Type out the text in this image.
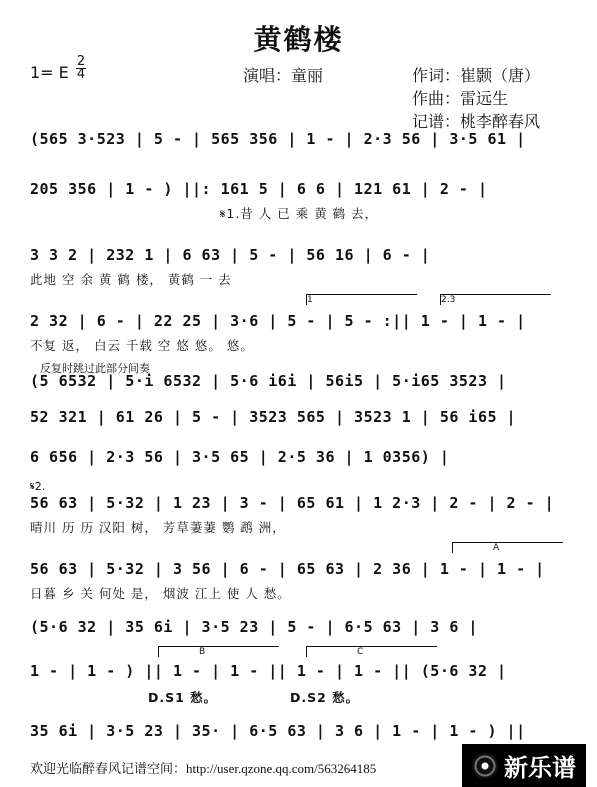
黄鹤楼
1= E
2
4	演唱：童丽	作词：崔颢（唐）
作曲：雷远生
记谱：桃李醉春风
(565 3·523 | 5 - | 565 356 | 1 - | 2·3 56 | 3·5 61 |
205 356 | 1 - ) ||: 161 5 | 6 6 | 121 61 | 2 - |
𝄋1.昔 人 已 乘 黄 鹤 去，
3 3 2 | 232 1 | 6 63 | 5 - | 56 16 | 6 - |
此地 空 余 黄 鹤 楼， 黄鹤 一 去
1	2.3
2 32 | 6 - | 22 25 | 3·6 | 5 - | 5 - :|| 1 - | 1 - |
不复 返， 白云 千载 空 悠 悠。 悠。
反复时跳过此部分间奏
(5 6532 | 5·i 6532 | 5·6 i6i | 56i5 | 5·i65 3523 |
52 321 | 61 26 | 5 - | 3523 565 | 3523 1 | 56 i65 |
6 656 | 2·3 56 | 3·5 65 | 2·5 36 | 1 0356) |
𝄋2.
56 63 | 5·32 | 1 23 | 3 - | 65 61 | 1 2·3 | 2 - | 2 - |
晴川 历 历 汉阳 树， 芳草萋萋 鹦 鹉 洲，
A
56 63 | 5·32 | 3 56 | 6 - | 65 63 | 2 36 | 1 - | 1 - |
日暮 乡 关 何处 是， 烟波 江上 使 人 愁。
(5·6 32 | 35 6i | 3·5 23 | 5 - | 6·5 63 | 3 6 |
B	C
1 - | 1 - ) || 1 - | 1 - || 1 - | 1 - || (5·6 32 |
D.S1 愁。	D.S2 愁。
35 6i | 3·5 23 | 35· | 6·5 63 | 3 6 | 1 - | 1 - ) ||
欢迎光临醉春风记谱空间：http://user.qzone.qq.com/563264185	新乐谱
